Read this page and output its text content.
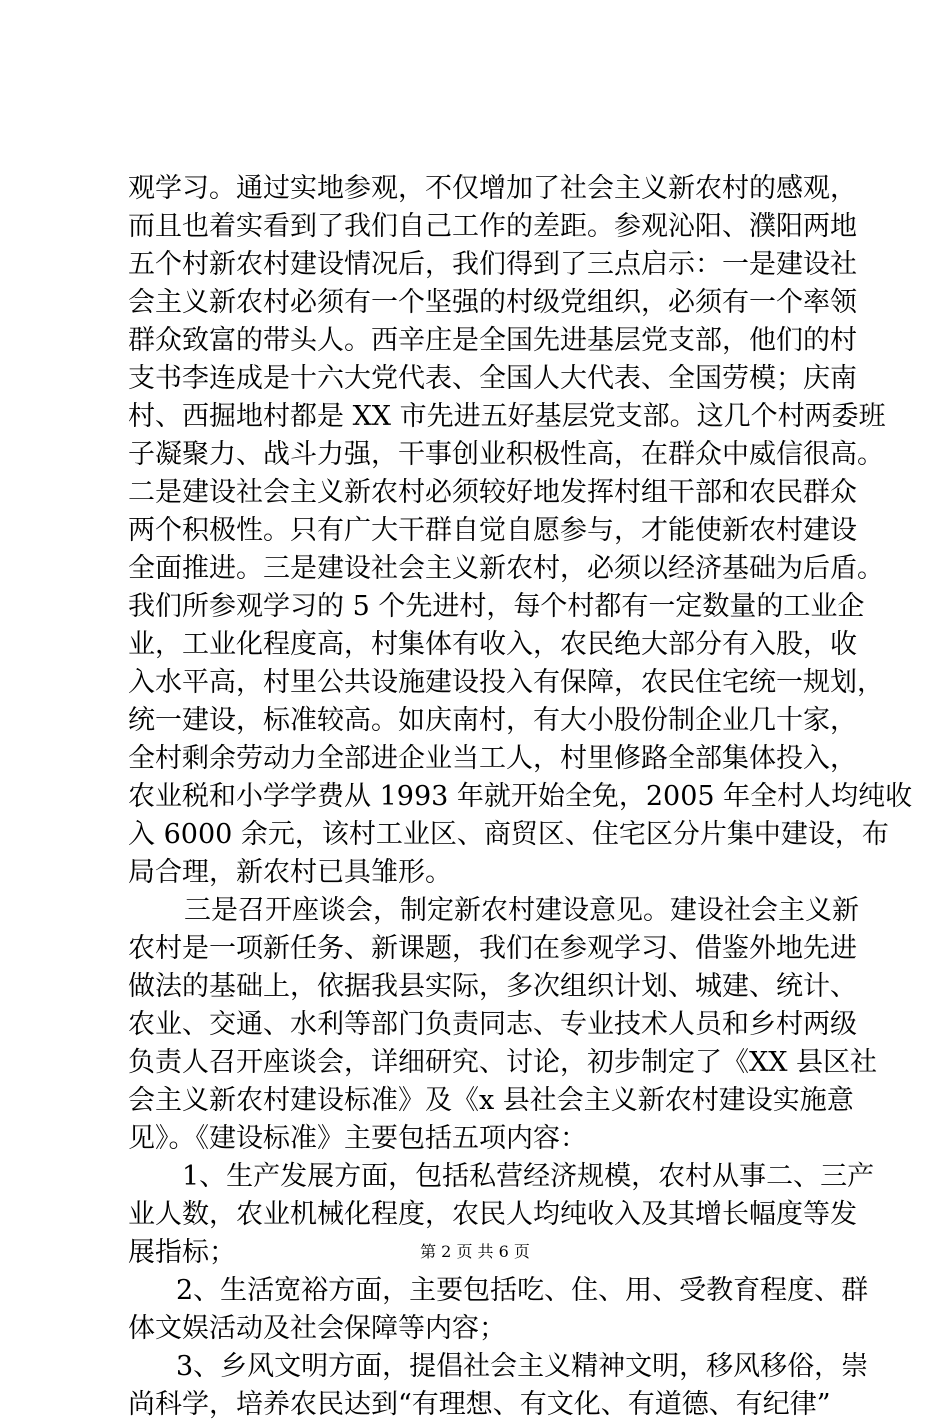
观学习。通过实地参观，不仅增加了社会主义新农村的感观，
而且也着实看到了我们自己工作的差距。参观沁阳、濮阳两地
五个村新农村建设情况后，我们得到了三点启示：一是建设社
会主义新农村必须有一个坚强的村级党组织，必须有一个率领
群众致富的带头人。西辛庄是全国先进基层党支部，他们的村
支书李连成是十六大党代表、全国人大代表、全国劳模；庆南
村、西掘地村都是 XX 市先进五好基层党支部。这几个村两委班
子凝聚力、战斗力强，干事创业积极性高，在群众中威信很高。
二是建设社会主义新农村必须较好地发挥村组干部和农民群众
两个积极性。只有广大干群自觉自愿参与，才能使新农村建设
全面推进。三是建设社会主义新农村，必须以经济基础为后盾。
我们所参观学习的 5 个先进村，每个村都有一定数量的工业企
业，工业化程度高，村集体有收入，农民绝大部分有入股，收
入水平高，村里公共设施建设投入有保障，农民住宅统一规划，
统一建设，标准较高。如庆南村，有大小股份制企业几十家，
全村剩余劳动力全部进企业当工人，村里修路全部集体投入，
农业税和小学学费从 1993 年就开始全免，2005 年全村人均纯收
入 6000 余元，该村工业区、商贸区、住宅区分片集中建设，布
局合理，新农村已具雏形。
三是召开座谈会，制定新农村建设意见。建设社会主义新
农村是一项新任务、新课题，我们在参观学习、借鉴外地先进
做法的基础上，依据我县实际，多次组织计划、城建、统计、
农业、交通、水利等部门负责同志、专业技术人员和乡村两级
负责人召开座谈会，详细研究、讨论，初步制定了《XX 县区社
会主义新农村建设标准》及《x 县社会主义新农村建设实施意
见》。《建设标准》主要包括五项内容：
1、生产发展方面，包括私营经济规模，农村从事二、三产
业人数，农业机械化程度，农民人均纯收入及其增长幅度等发
展指标；
2、生活宽裕方面，主要包括吃、住、用、受教育程度、群
体文娱活动及社会保障等内容；
3、乡风文明方面，提倡社会主义精神文明，移风移俗，崇
尚科学，培养农民达到“有理想、有文化、有道德、有纪律”
第 2 页 共 6 页
